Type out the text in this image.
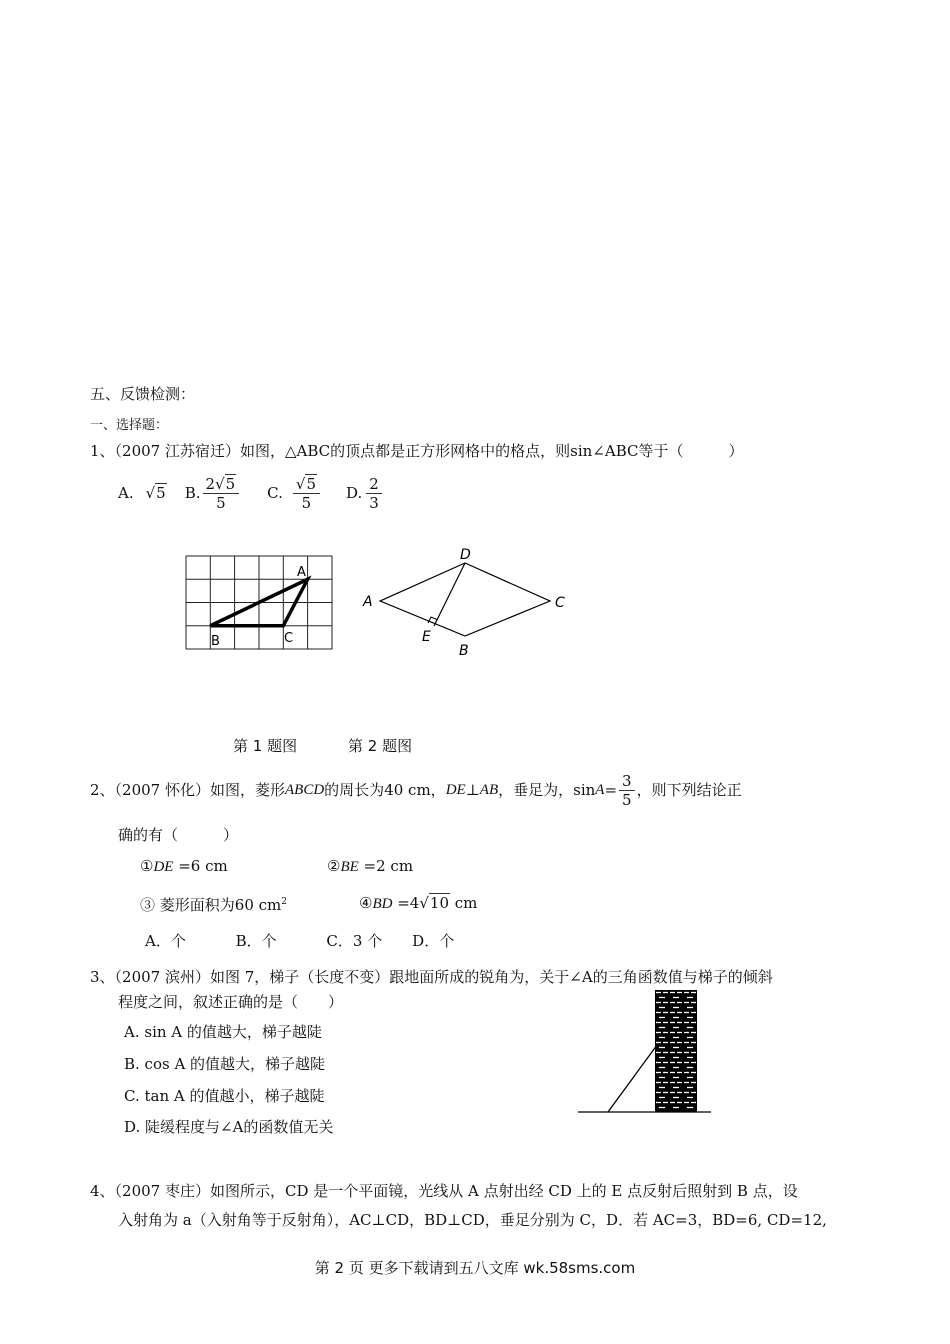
五、反馈检测：
一、选择题：
1、（2007 江苏宿迁）如图，△ABC的顶点都是正方形网格中的格点，则sin∠ABC等于（　　　）
A. √5 B. $\frac{2√5}{5} C$. $\frac{√5}{5} D$. $\frac{2}{3}$
A
B	C
D
A	C
E
B
第 1 题图	第 2 题图
2、（2007 怀化）如图，菱形 ABCD 的周长为 40 cm ， DE ⊥ AB ，垂足为， $\sin A = \frac{3}{5}$ ，则下列结论正
确的有（　　　）
①DE =6 cm	②BE =2 cm
③ 菱形面积为60 $cm^2$	④BD =4√10 cm
A．个　　　 B．个　　　 C．3 个　　D．个
3、（2007 滨州）如图 7，梯子（长度不变）跟地面所成的锐角为，关于∠A的三角函数值与梯子的倾斜
程度之间，叙述正确的是（　　）
A. sin A 的值越大，梯子越陡
B. cos A 的值越大，梯子越陡
C. tan A 的值越小，梯子越陡
D. 陡缓程度与∠A的函数值无关
4、（2007 枣庄）如图所示，CD 是一个平面镜，光线从 A 点射出经 CD 上的 E 点反射后照射到 B 点，设
入射角为 a（入射角等于反射角），AC⊥CD，BD⊥CD，垂足分别为 C，D．若 AC=3，BD=6, CD=12,
第 2 页 更多下载请到五八文库 wk.58sms.com
